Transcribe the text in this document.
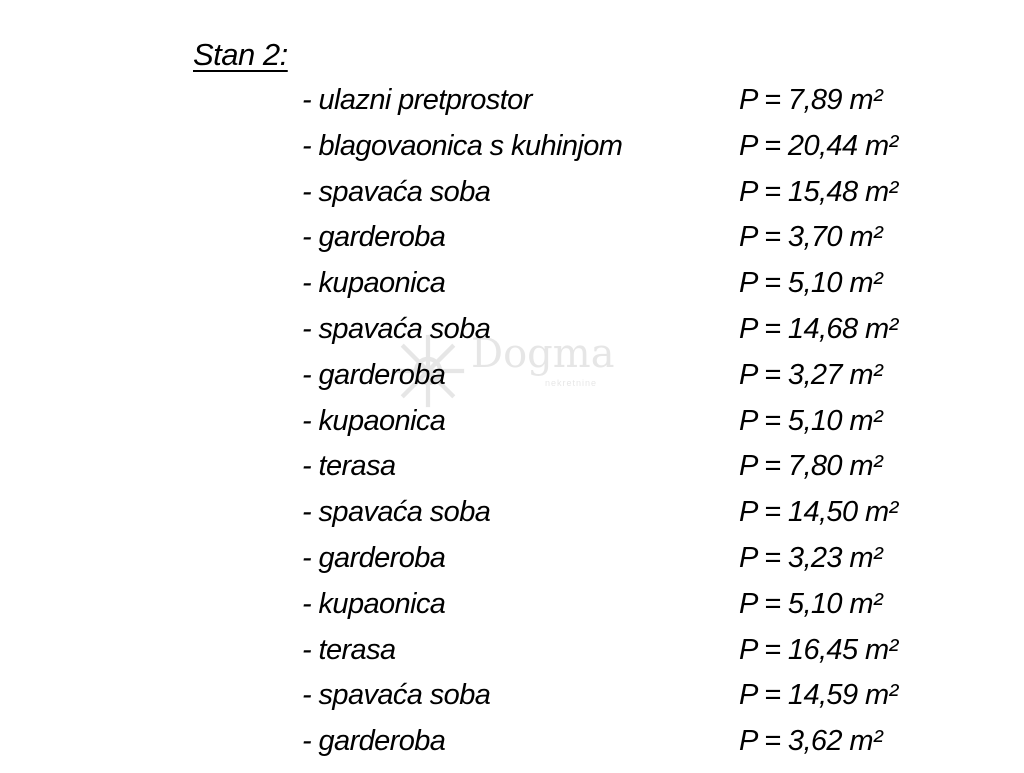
Stan 2:
Dogma
nekretnine
- ulazni pretprostor	P = 7,89 m²
- blagovaonica s kuhinjom	P = 20,44 m²
- spavaća soba	P = 15,48 m²
- garderoba	P = 3,70 m²
- kupaonica	P = 5,10 m²
- spavaća soba	P = 14,68 m²
- garderoba	P = 3,27 m²
- kupaonica	P = 5,10 m²
- terasa	P = 7,80 m²
- spavaća soba	P = 14,50 m²
- garderoba	P = 3,23 m²
- kupaonica	P = 5,10 m²
- terasa	P = 16,45 m²
- spavaća soba	P = 14,59 m²
- garderoba	P = 3,62 m²
